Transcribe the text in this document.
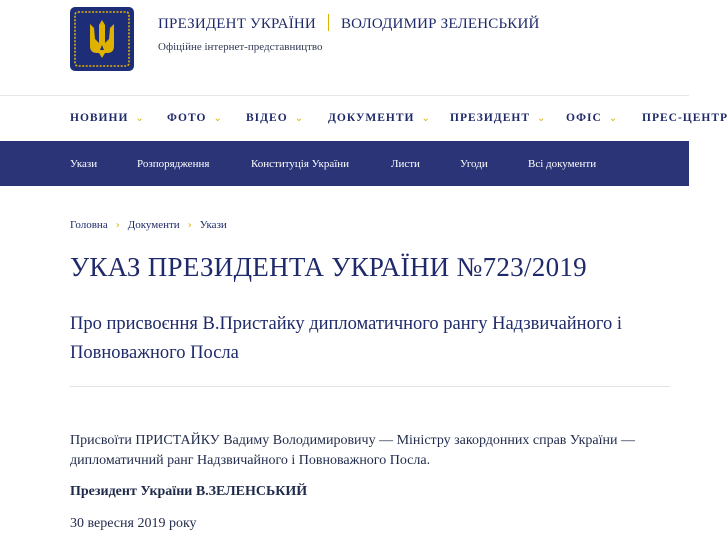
ПРЕЗИДЕНТ УКРАЇНИ ВОЛОДИМИР ЗЕЛЕНСЬКИЙ
Офіційне інтернет-представництво
НОВИНИ ⌄ ФОТО ⌄ ВІДЕО ⌄ ДОКУМЕНТИ ⌄ ПРЕЗИДЕНТ ⌄ ОФІС ⌄ ПРЕС-ЦЕНТР
Укази	Розпорядження	Конституція України	Листи	Угоди	Всі документи
Головна › Документи › Укази
УКАЗ ПРЕЗИДЕНТА УКРАЇНИ №723/2019
Про присвоєння В.Пристайку дипломатичного рангу Надзвичайного і Повноважного Посла
Присвоїти ПРИСТАЙКУ Вадиму Володимировичу — Міністру закордонних справ України — дипломатичний ранг Надзвичайного і Повноважного Посла.
Президент України В.ЗЕЛЕНСЬКИЙ
30 вересня 2019 року
